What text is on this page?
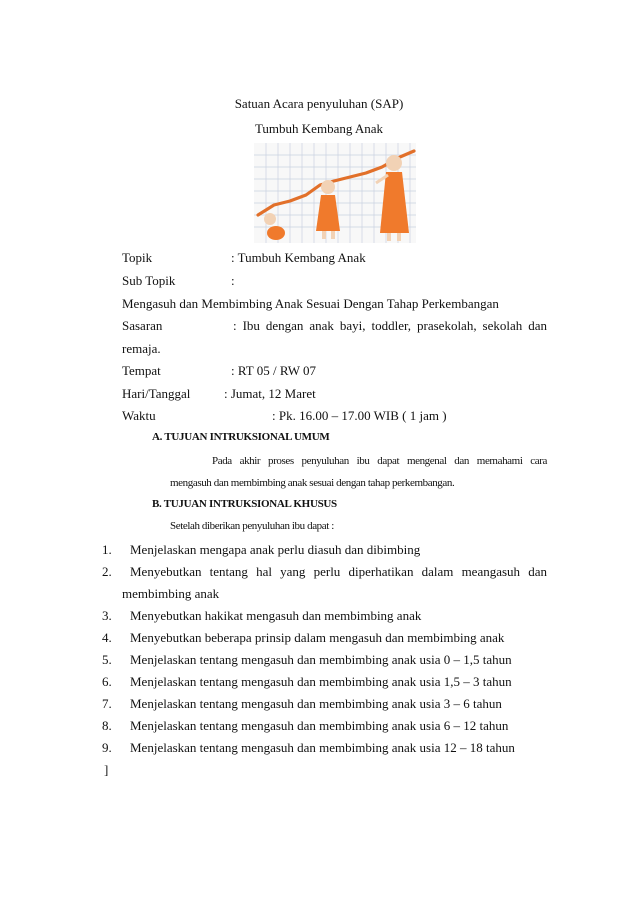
Satuan Acara penyuluhan (SAP)
Tumbuh Kembang Anak
Topik	: Tumbuh Kembang Anak
Sub Topik	:
Mengasuh dan Membimbing Anak Sesuai Dengan Tahap Perkembangan
Sasaran	: Ibu dengan anak bayi, toddler, prasekolah, sekolah dan
remaja.
Tempat	: RT 05 / RW 07
Hari/Tanggal	: Jumat, 12 Maret
Waktu	: Pk. 16.00 – 17.00 WIB ( 1 jam )
A. TUJUAN INTRUKSIONAL UMUM
Pada akhir proses penyuluhan ibu dapat mengenal dan memahami cara
mengasuh dan membimbing anak sesuai dengan tahap perkembangan.
B. TUJUAN INTRUKSIONAL KHUSUS
Setelah diberikan penyuluhan ibu dapat :
1. Menjelaskan mengapa anak perlu diasuh dan dibimbing
2. Menyebutkan tentang hal yang perlu diperhatikan dalam meangasuh dan
membimbing anak
3. Menyebutkan hakikat mengasuh dan membimbing anak
4. Menyebutkan beberapa prinsip dalam mengasuh dan membimbing anak
5. Menjelaskan tentang mengasuh dan membimbing anak usia 0 – 1,5 tahun
6. Menjelaskan tentang mengasuh dan membimbing anak usia 1,5 – 3 tahun
7. Menjelaskan tentang mengasuh dan membimbing anak usia 3 – 6 tahun
8. Menjelaskan tentang mengasuh dan membimbing anak usia 6 – 12 tahun
9. Menjelaskan tentang mengasuh dan membimbing anak usia 12 – 18 tahun
]
